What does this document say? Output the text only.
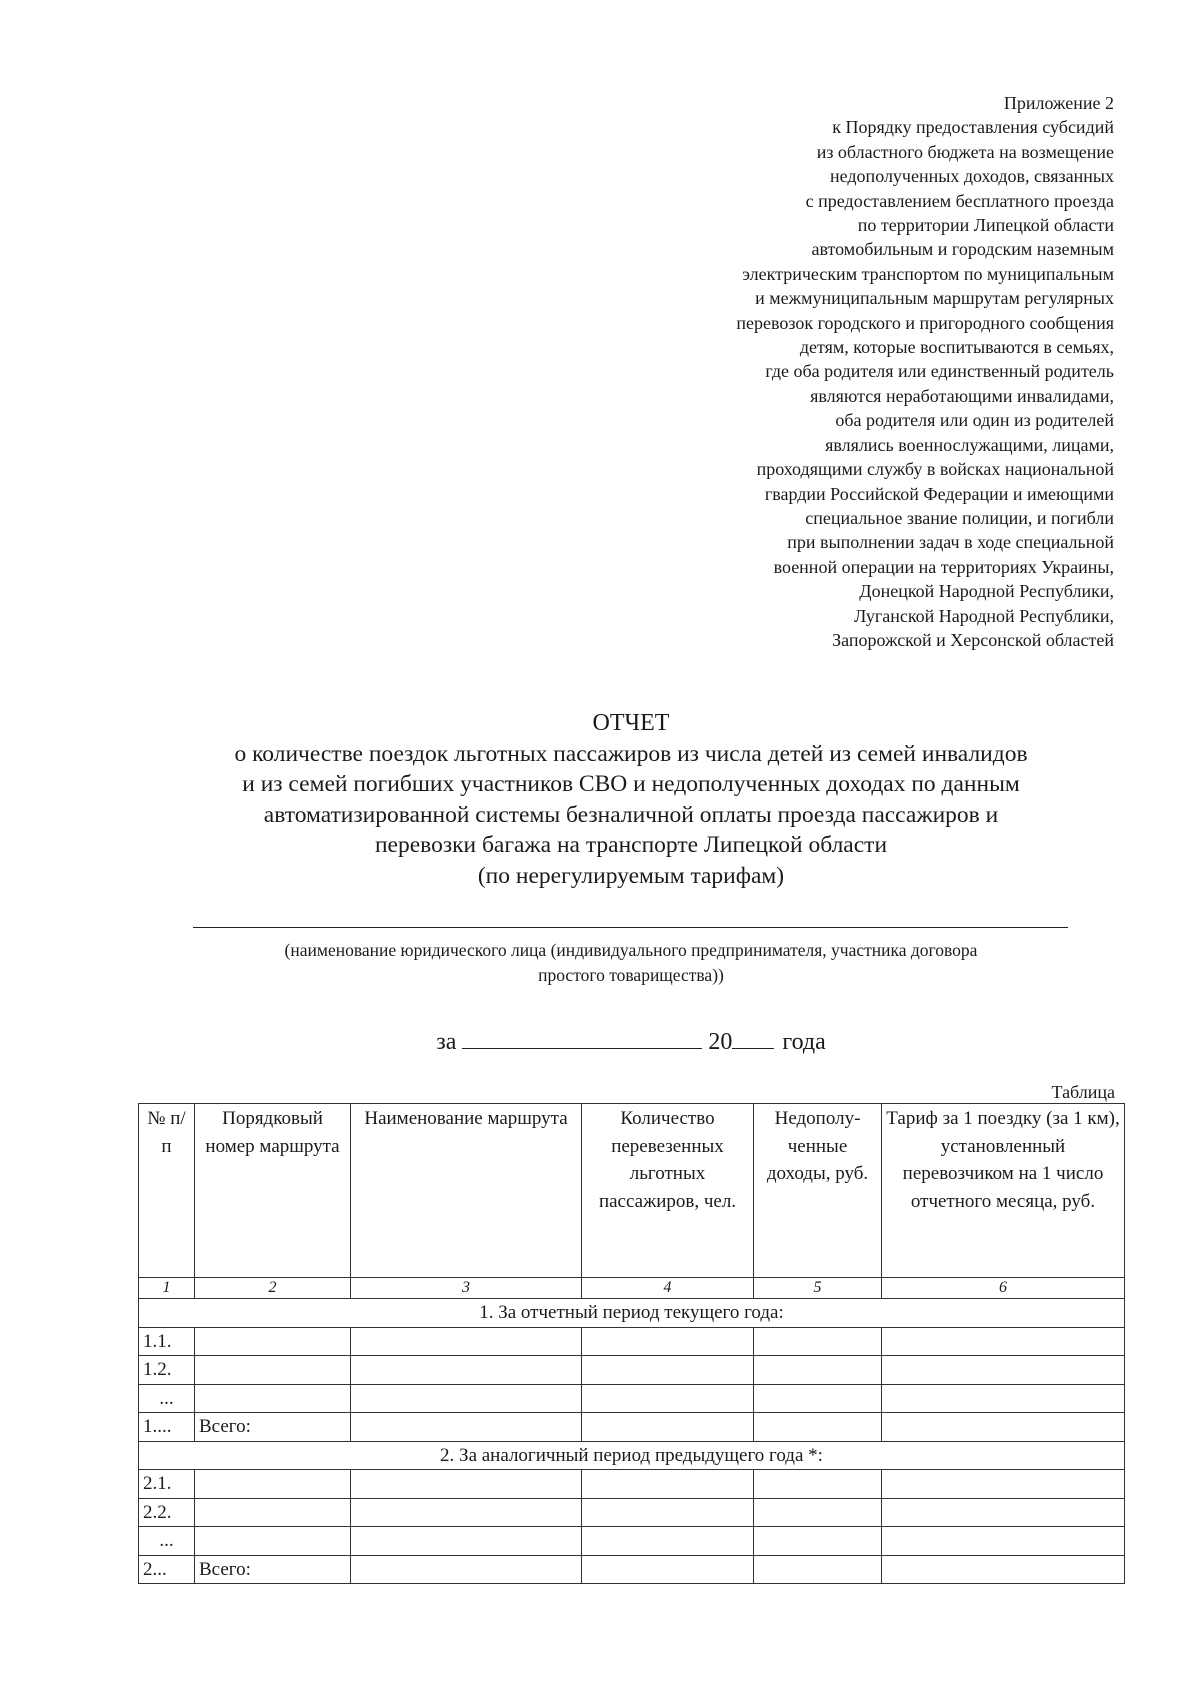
Приложение 2
к Порядку предоставления субсидий
из областного бюджета на возмещение
недополученных доходов, связанных
с предоставлением бесплатного проезда
по территории Липецкой области
автомобильным и городским наземным
электрическим транспортом по муниципальным
и межмуниципальным маршрутам регулярных
перевозок городского и пригородного сообщения
детям, которые воспитываются в семьях,
где оба родителя или единственный родитель
являются неработающими инвалидами,
оба родителя или один из родителей
являлись военнослужащими, лицами,
проходящими службу в войсках национальной
гвардии Российской Федерации и имеющими
специальное звание полиции, и погибли
при выполнении задач в ходе специальной
военной операции на территориях Украины,
Донецкой Народной Республики,
Луганской Народной Республики,
Запорожской и Херсонской областей
ОТЧЕТ
о количестве поездок льготных пассажиров из числа детей из семей инвалидов
и из семей погибших участников СВО и недополученных доходах по данным
автоматизированной системы безналичной оплаты проезда пассажиров и
перевозки багажа на транспорте Липецкой области
(по нерегулируемым тарифам)
(наименование юридического лица (индивидуального предпринимателя, участника договора
простого товарищества))
за	20 года
Таблица
№ п/п	Порядковый номер маршрута	Наименование маршрута	Количество перевезенных льготных пассажиров, чел.	Недополу-ченные доходы, руб.	Тариф за 1 поездку (за 1 км), установленный перевозчиком на 1 число отчетного месяца, руб.
1	2	3	4	5	6
1. За отчетный период текущего года:					
1.1.					
1.2.					
...					
1....	Всего:				
2. За аналогичный период предыдущего года *:					
2.1.					
2.2.					
...					
2...	Всего:				
